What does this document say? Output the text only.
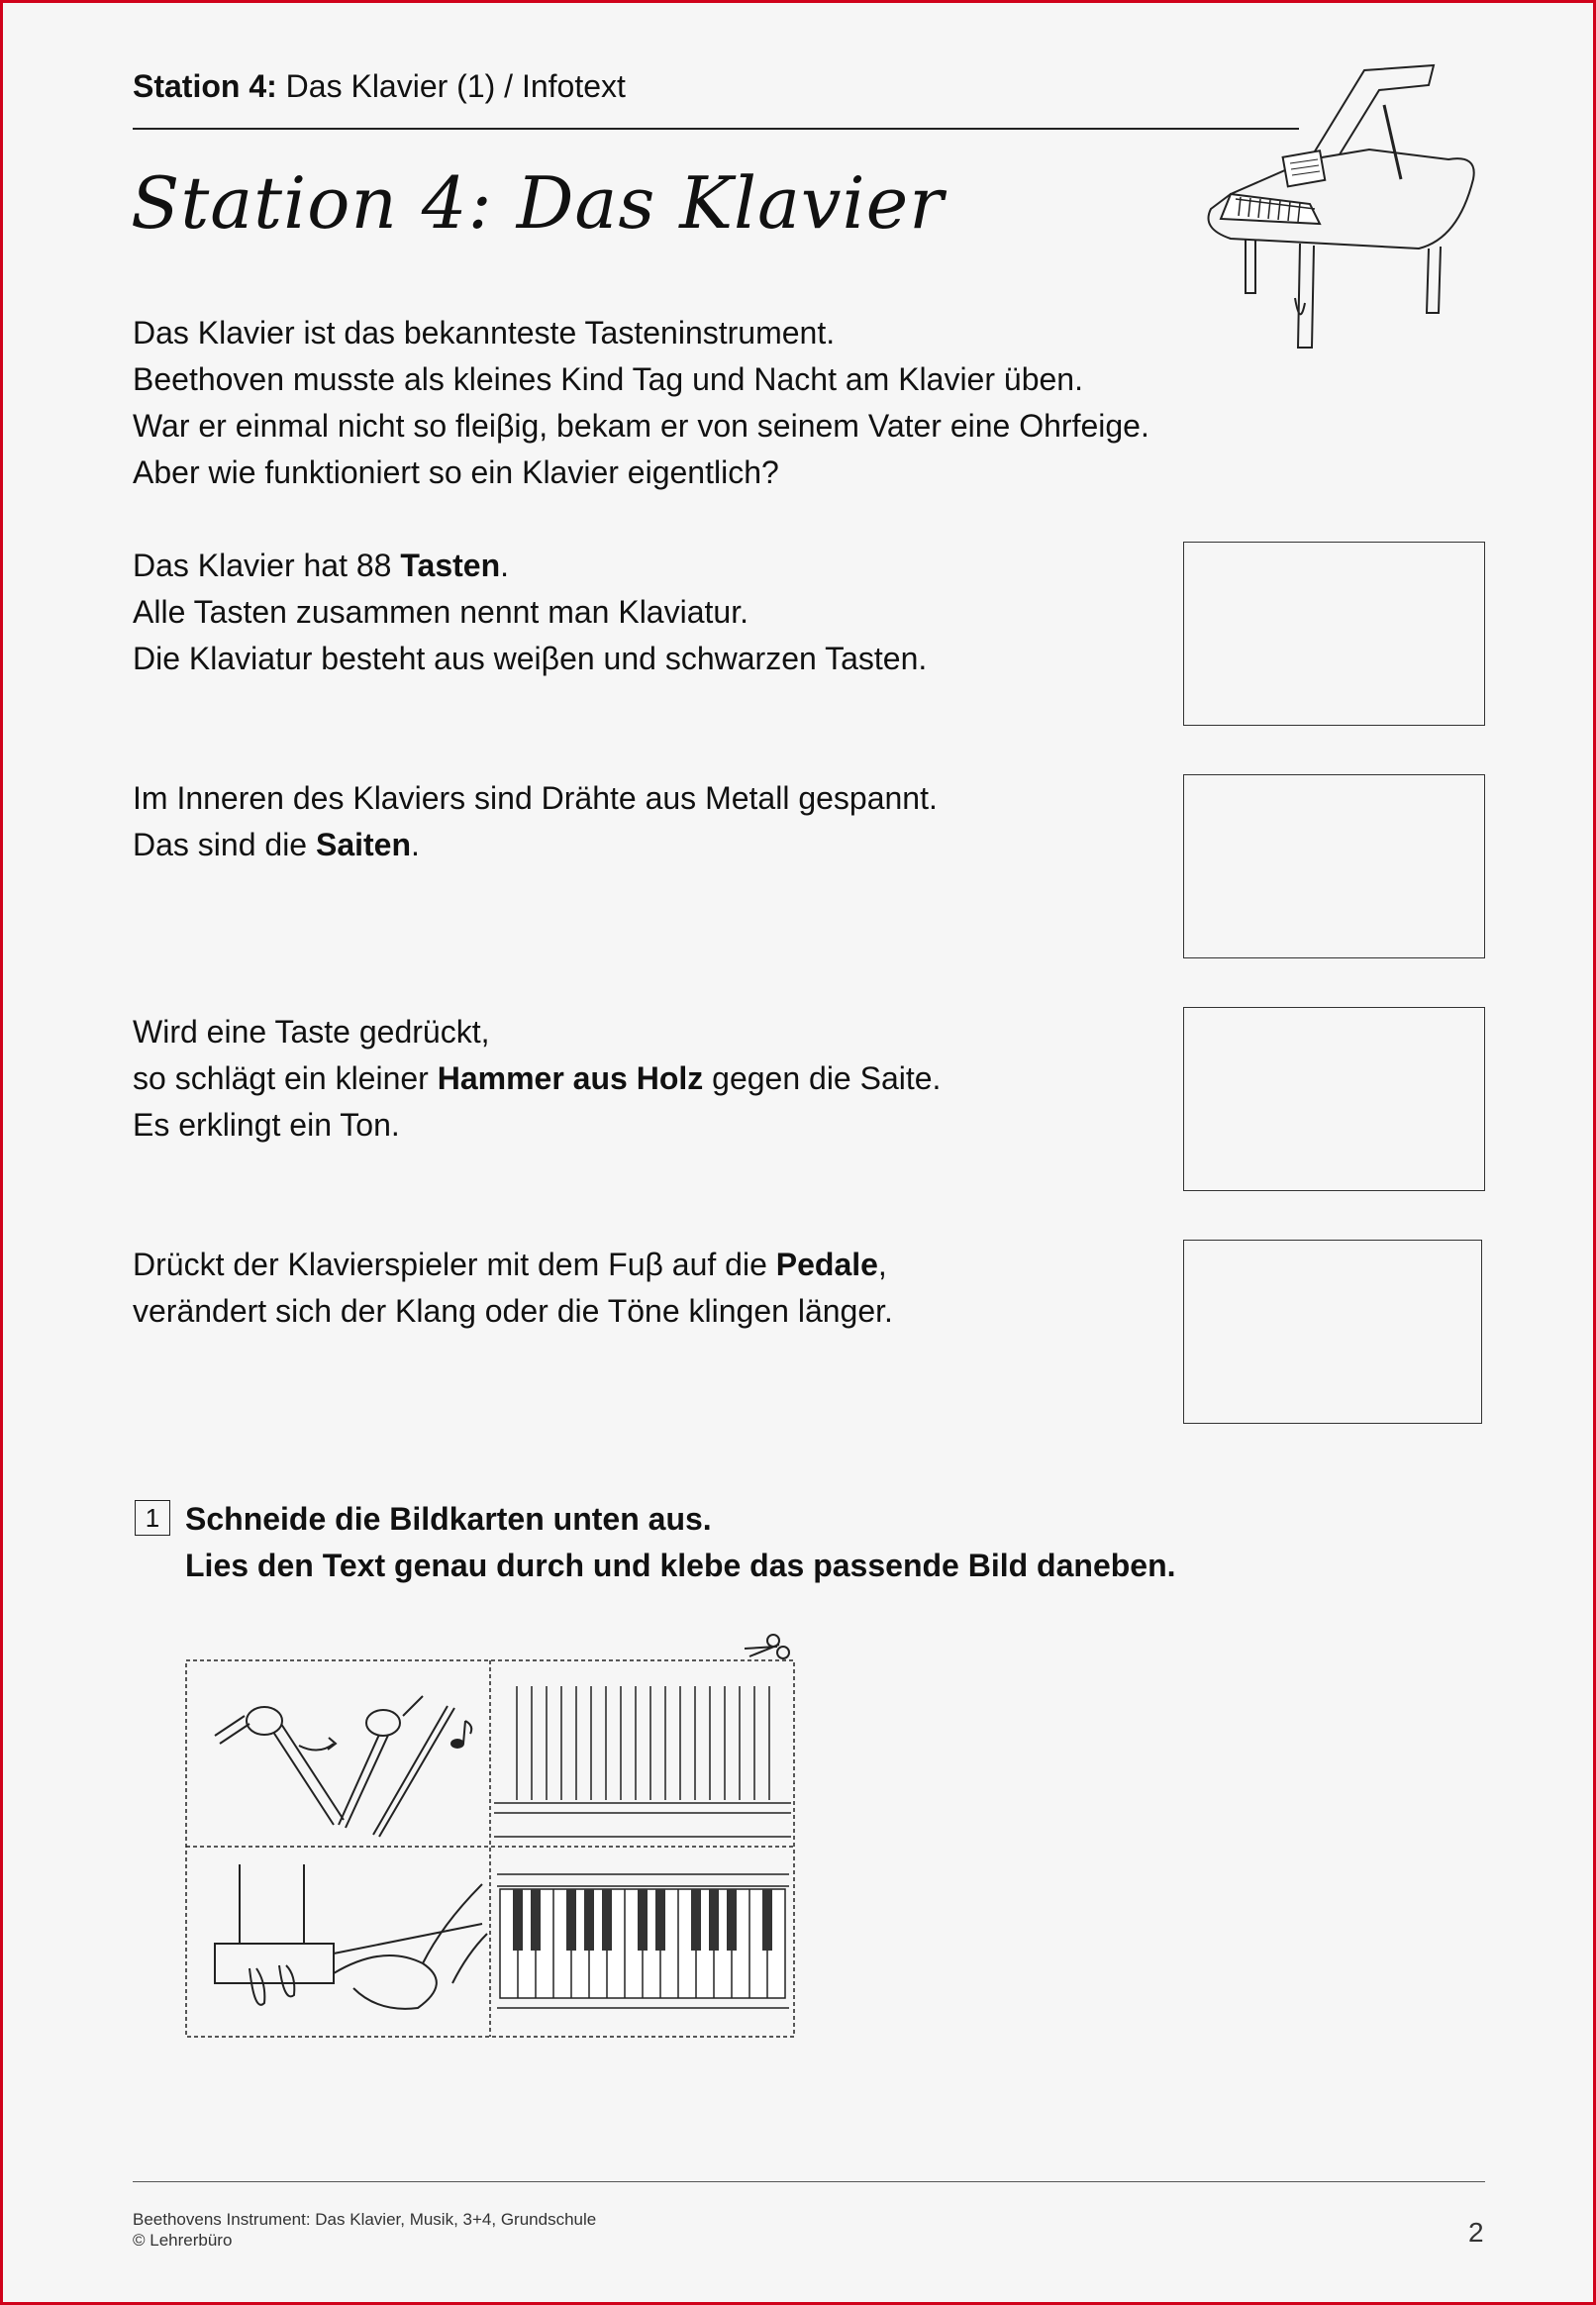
Station 4: Das Klavier (1) / Infotext
Station 4: Das Klavier

Das Klavier ist das bekannteste Tasteninstrument.

Beethoven musste als kleines Kind Tag und Nacht am Klavier üben.

War er einmal nicht so fleiβig, bekam er von seinem Vater eine Ohrfeige.

Aber wie funktioniert so ein Klavier eigentlich?

Das Klavier hat 88 Tasten.

Alle Tasten zusammen nennt man Klaviatur.

Die Klaviatur besteht aus weiβen und schwarzen Tasten.

Im Inneren des Klaviers sind Drähte aus Metall gespannt.

Das sind die Saiten.

Wird eine Taste gedrückt,

so schlägt ein kleiner Hammer aus Holz gegen die Saite.

Es erklingt ein Ton.

Drückt der Klavierspieler mit dem Fuβ auf die Pedale,

verändert sich der Klang oder die Töne klingen länger.

1 Schneide die Bildkarten unten aus.

Lies den Text genau durch und klebe das passende Bild daneben.

Beethovens Instrument: Das Klavier, Musik, 3+4, Grundschule
© Lehrerbüro	2
